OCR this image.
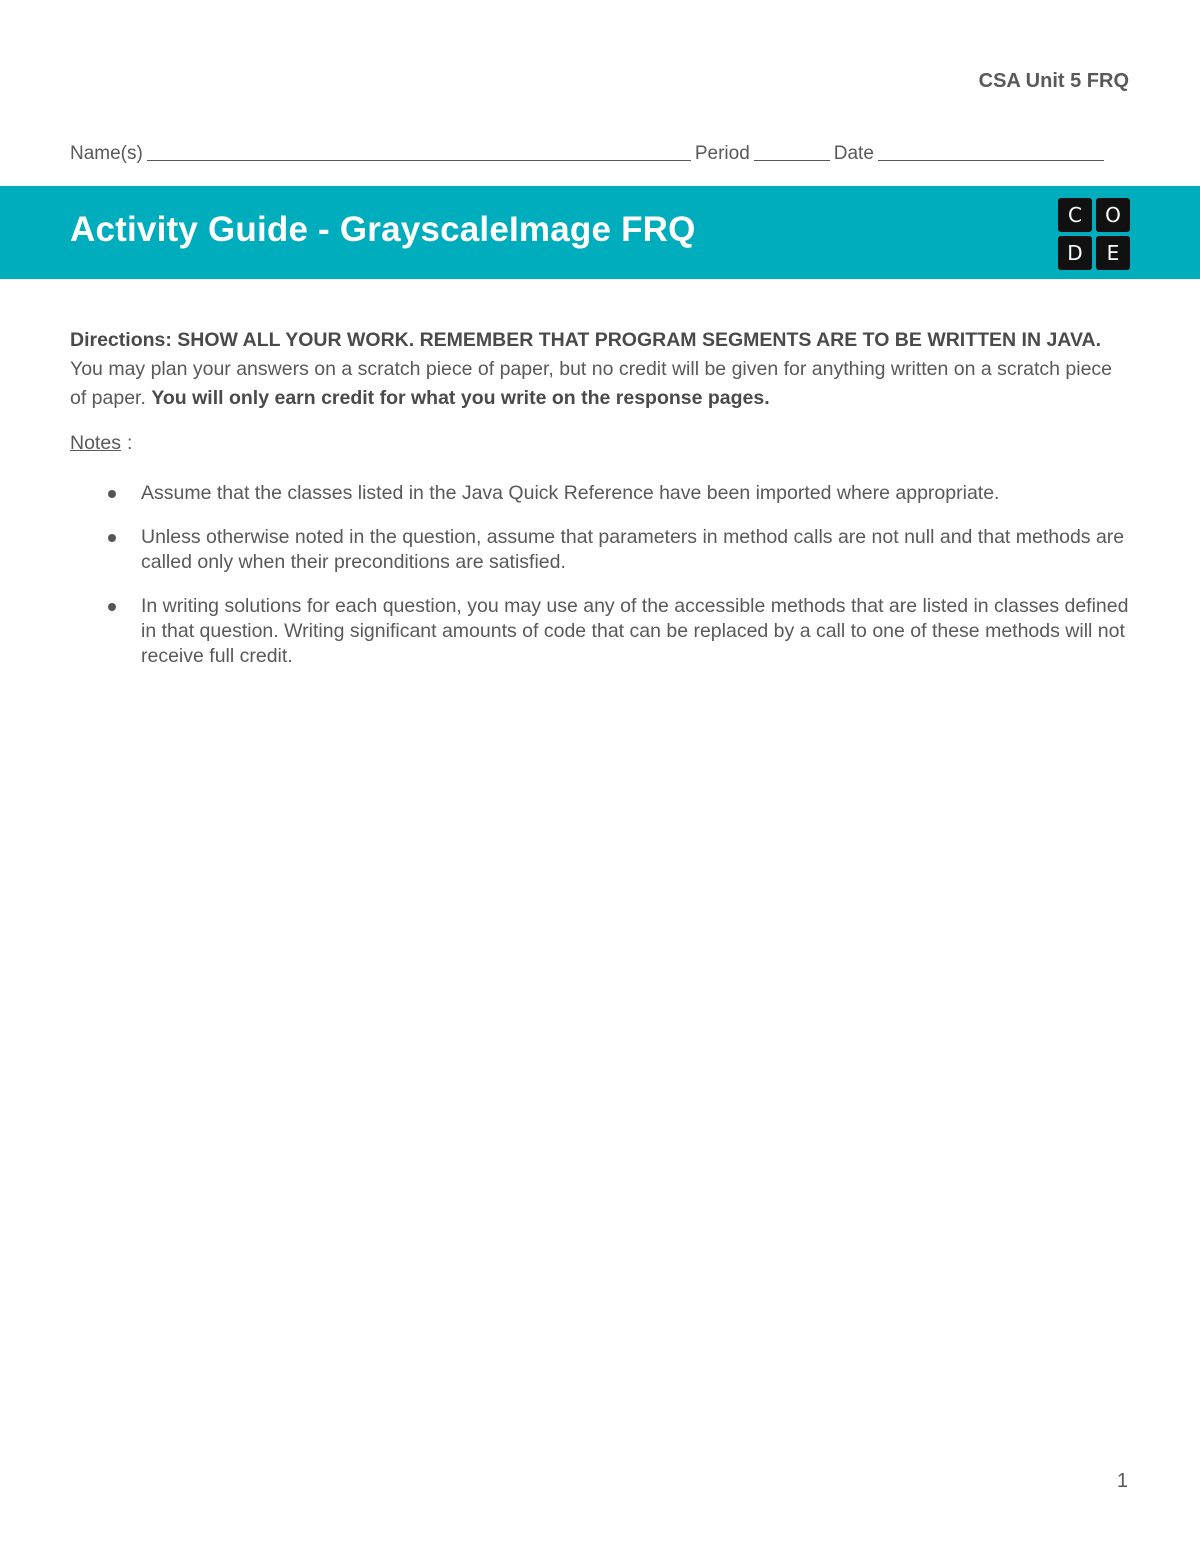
CSA Unit 5 FRQ
Name(s)	Period	Date
Activity Guide - GrayscaleImage FRQ	C	O
D	E
Directions: SHOW ALL YOUR WORK. REMEMBER THAT PROGRAM SEGMENTS ARE TO BE WRITTEN IN JAVA. You may plan your answers on a scratch piece of paper, but no credit will be given for anything written on a scratch piece of paper. You will only earn credit for what you write on the response pages.
Notes :
Assume that the classes listed in the Java Quick Reference have been imported where appropriate.
Unless otherwise noted in the question, assume that parameters in method calls are not null and that methods are called only when their preconditions are satisfied.
In writing solutions for each question, you may use any of the accessible methods that are listed in classes defined in that question. Writing significant amounts of code that can be replaced by a call to one of these methods will not receive full credit.
1
